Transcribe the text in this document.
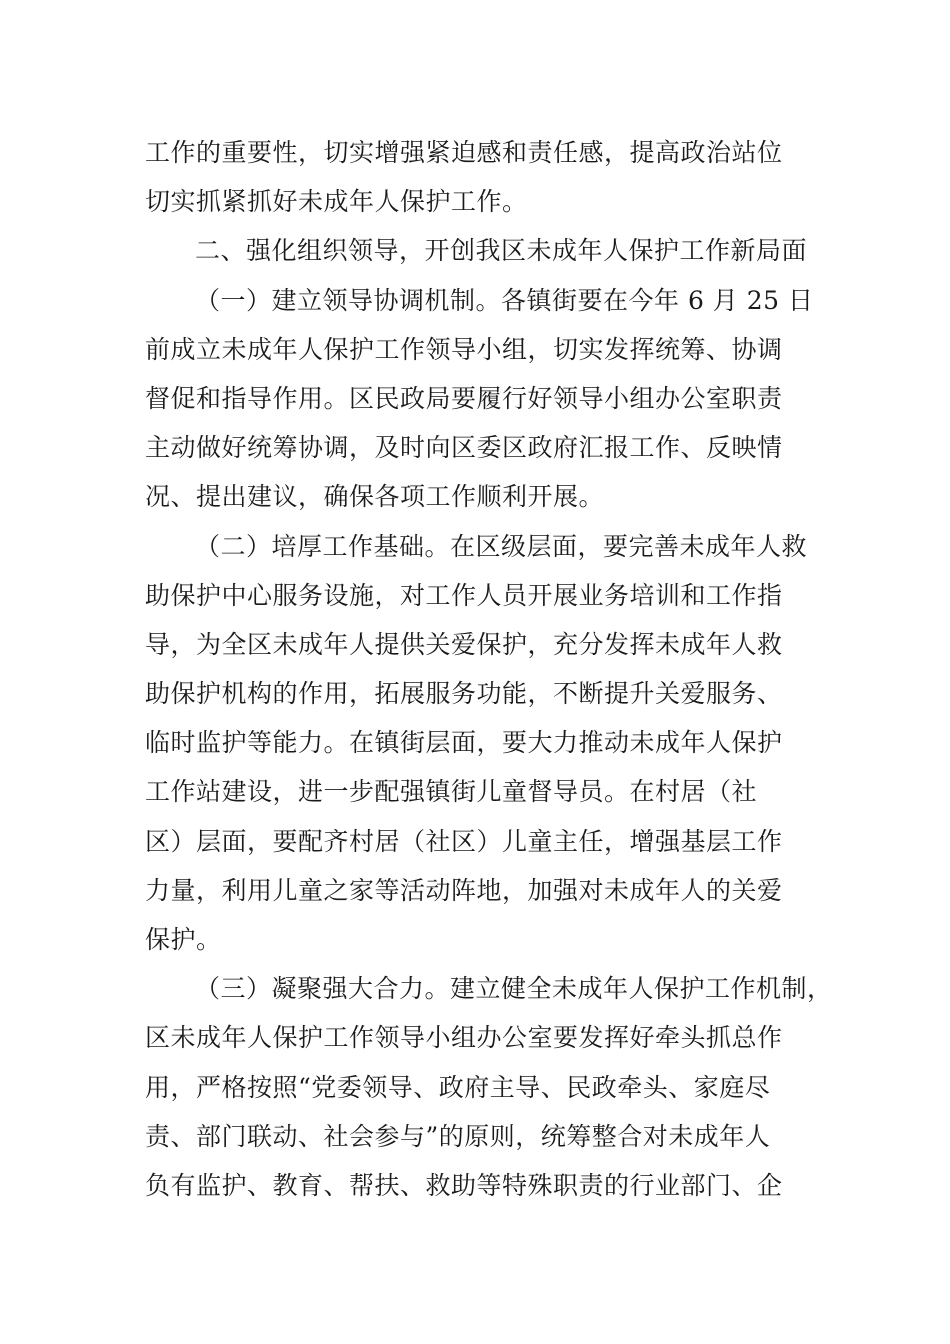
工作的重要性，切实增强紧迫感和责任感，提高政治站位
切实抓紧抓好未成年人保护工作。
二、强化组织领导，开创我区未成年人保护工作新局面
（一）建立领导协调机制。各镇街要在今年 6 月 25 日
前成立未成年人保护工作领导小组，切实发挥统筹、协调
督促和指导作用。区民政局要履行好领导小组办公室职责
主动做好统筹协调，及时向区委区政府汇报工作、反映情
况、提出建议，确保各项工作顺利开展。
（二）培厚工作基础。在区级层面，要完善未成年人救
助保护中心服务设施，对工作人员开展业务培训和工作指
导，为全区未成年人提供关爱保护，充分发挥未成年人救
助保护机构的作用，拓展服务功能，不断提升关爱服务、
临时监护等能力。在镇街层面，要大力推动未成年人保护
工作站建设，进一步配强镇街儿童督导员。在村居（社
区）层面，要配齐村居（社区）儿童主任，增强基层工作
力量，利用儿童之家等活动阵地，加强对未成年人的关爱
保护。
（三）凝聚强大合力。建立健全未成年人保护工作机制，
区未成年人保护工作领导小组办公室要发挥好牵头抓总作
用，严格按照“党委领导、政府主导、民政牵头、家庭尽
责、部门联动、社会参与”的原则，统筹整合对未成年人
负有监护、教育、帮扶、救助等特殊职责的行业部门、企
